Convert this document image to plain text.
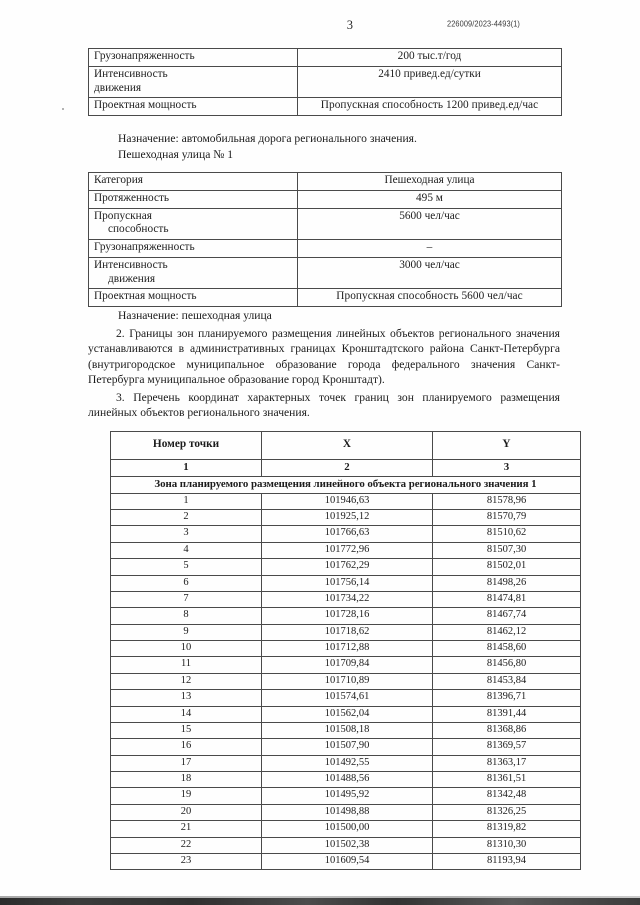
3	226009/2023-4493(1)
Грузонапряженность	200 тыс.т/год
Интенсивность
движения	2410 привед.ед/сутки
Проектная мощность	Пропускная способность 1200 привед.ед/час
Назначение: автомобильная дорога регионального значения.
Пешеходная улица № 1
Категория	Пешеходная улица
Протяженность	495 м
Пропускная
способность	5600 чел/час
Грузонапряженность	–
Интенсивность
движения	3000 чел/час
Проектная мощность	Пропускная способность 5600 чел/час
Назначение: пешеходная улица
2. Границы зон планируемого размещения линейных объектов регионального значения устанавливаются в административных границах Кронштадтского района Санкт-Петербурга (внутригородское муниципальное образование города федерального значения Санкт-Петербурга муниципальное образование город Кронштадт).
3. Перечень координат характерных точек границ зон планируемого размещения линейных объектов регионального значения.
Номер точки	X	Y
1	2	3
Зона планируемого размещения линейного объекта регионального значения 1		
1	101946,63	81578,96
2	101925,12	81570,79
3	101766,63	81510,62
4	101772,96	81507,30
5	101762,29	81502,01
6	101756,14	81498,26
7	101734,22	81474,81
8	101728,16	81467,74
9	101718,62	81462,12
10	101712,88	81458,60
11	101709,84	81456,80
12	101710,89	81453,84
13	101574,61	81396,71
14	101562,04	81391,44
15	101508,18	81368,86
16	101507,90	81369,57
17	101492,55	81363,17
18	101488,56	81361,51
19	101495,92	81342,48
20	101498,88	81326,25
21	101500,00	81319,82
22	101502,38	81310,30
23	101609,54	81193,94
